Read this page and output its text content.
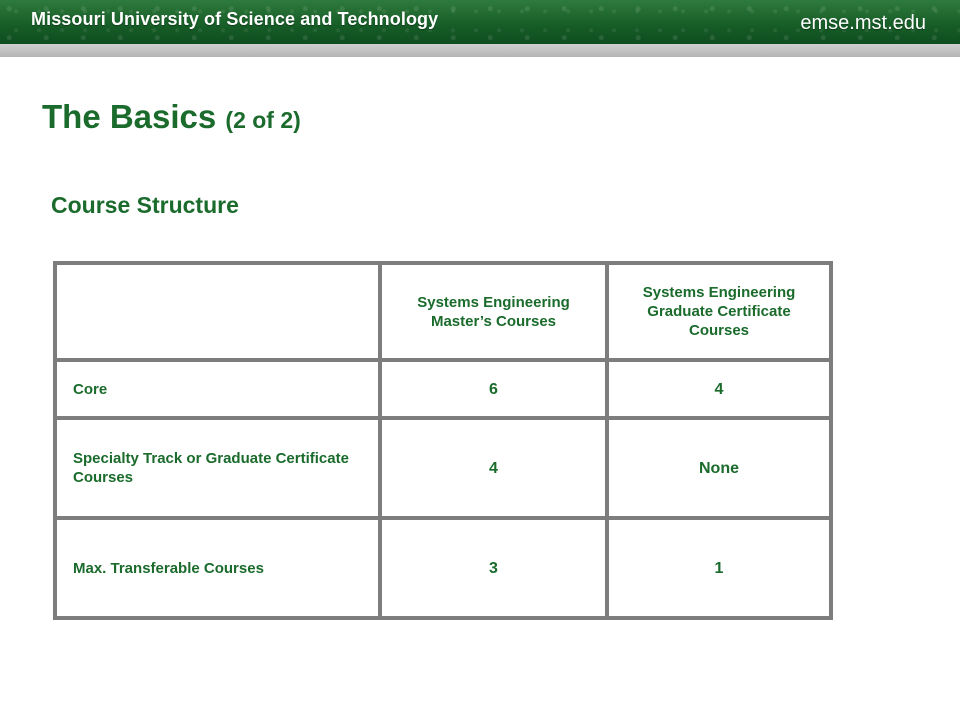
Missouri University of Science and Technology	emse.mst.edu
The Basics (2 of 2)
Course Structure
	Systems Engineering Master’s Courses	Systems Engineering Graduate Certificate Courses
Core	6	4
Specialty Track or Graduate Certificate Courses	4	None
Max. Transferable Courses	3	1
